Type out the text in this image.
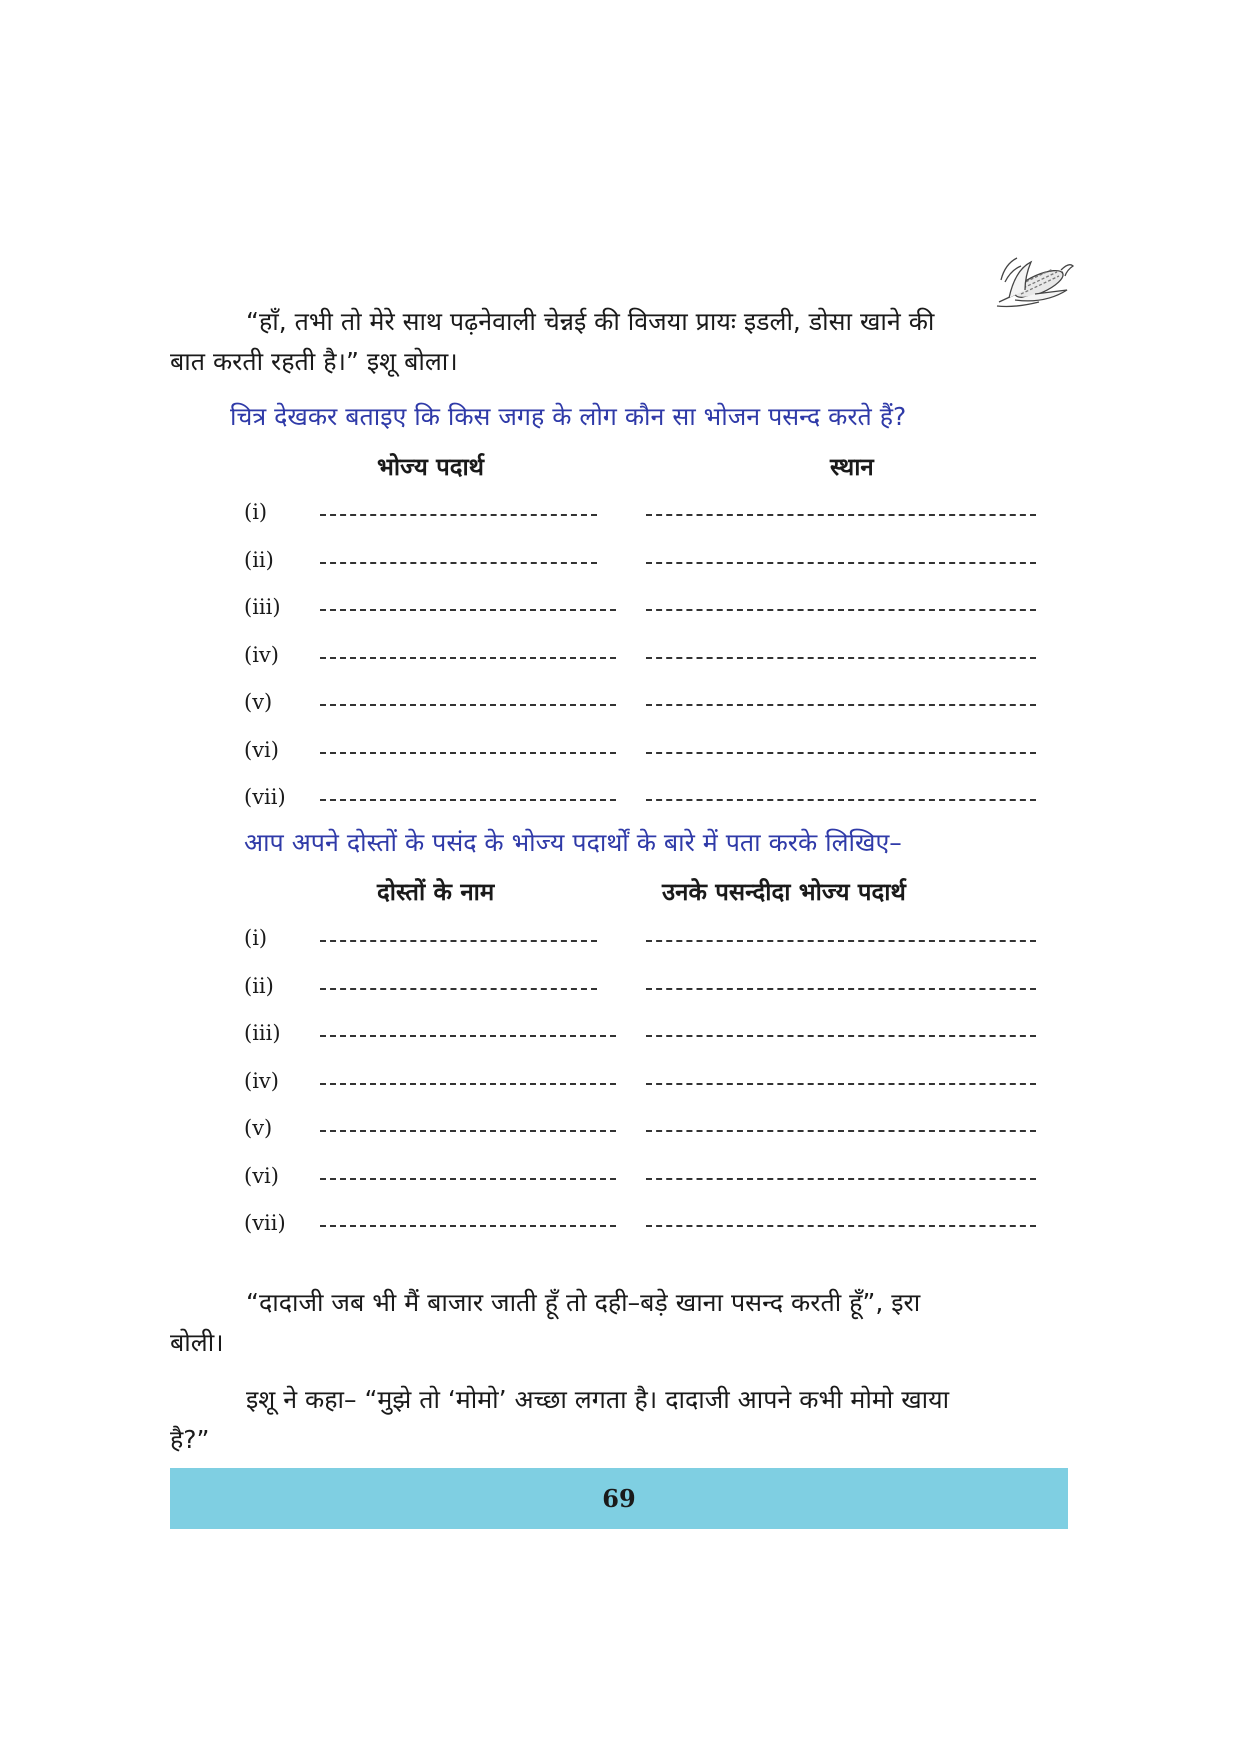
“हाँ, तभी तो मेरे साथ पढ़नेवाली चेन्नई की विजया प्रायः इडली, डोसा खाने की
बात करती रहती है।” इशू बोला।

चित्र देखकर बताइए कि किस जगह के लोग कौन सा भोजन पसन्द करते हैं?

भोज्य पदार्थ	स्थान
(i)
(ii)
(iii)
(iv)
(v)
(vi)
(vii)

आप अपने दोस्तों के पसंद के भोज्य पदार्थों के बारे में पता करके लिखिए–

दोस्तों के नाम	उनके पसन्दीदा भोज्य पदार्थ
(i)
(ii)
(iii)
(iv)
(v)
(vi)
(vii)

“दादाजी जब भी मैं बाजार जाती हूँ तो दही–बड़े खाना पसन्द करती हूँ”, इरा
बोली।

इशू ने कहा– “मुझे तो ‘मोमो’ अच्छा लगता है। दादाजी आपने कभी मोमो खाया
है?”

69
